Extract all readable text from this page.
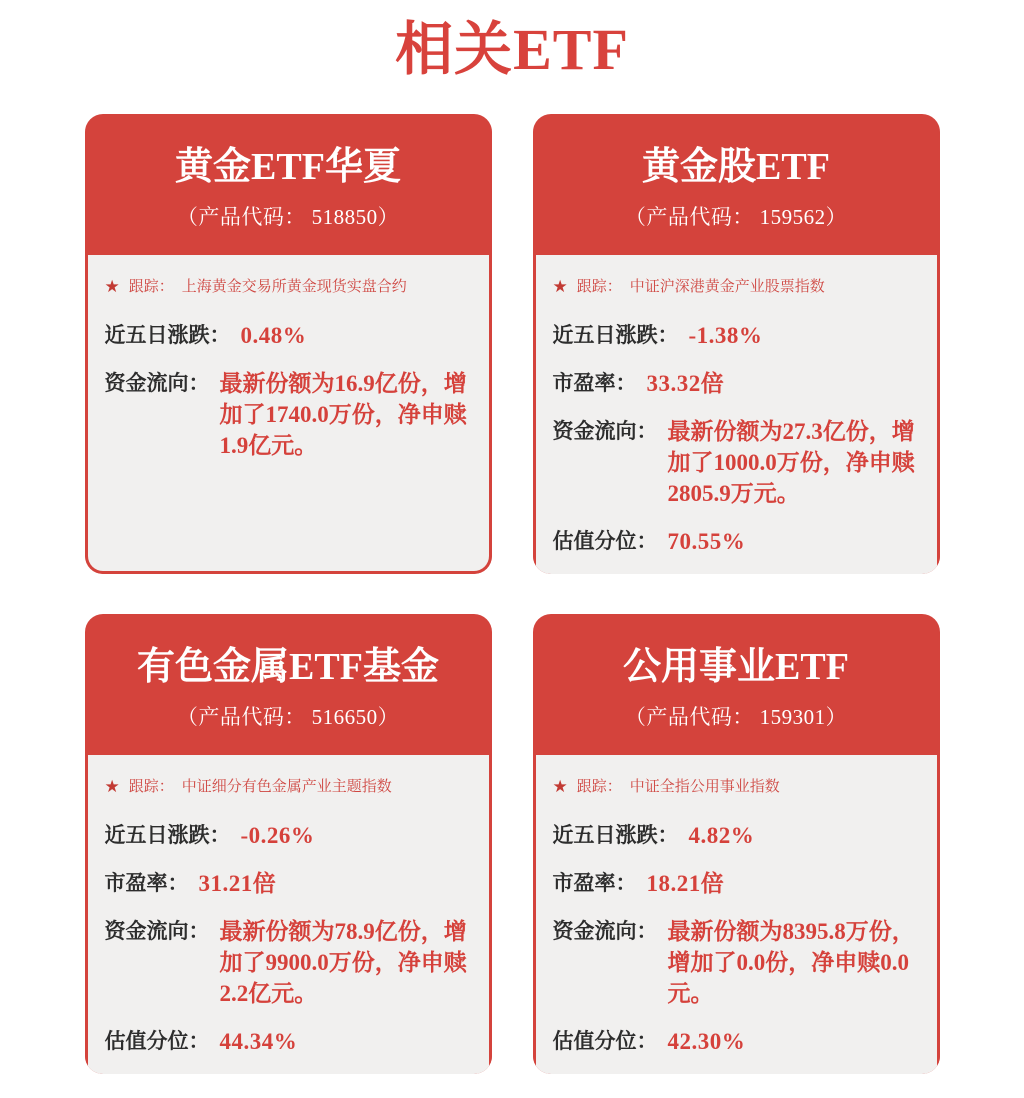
相关ETF
黄金ETF华夏
（产品代码： 518850）
★ 跟踪： 上海黄金交易所黄金现货实盘合约
近五日涨跌： 0.48%
资金流向： 最新份额为16.9亿份，增加了1740.0万份，净申赎1.9亿元。
黄金股ETF
（产品代码： 159562）
★ 跟踪： 中证沪深港黄金产业股票指数
近五日涨跌： -1.38%
市盈率： 33.32倍
资金流向： 最新份额为27.3亿份，增加了1000.0万份，净申赎2805.9万元。
估值分位： 70.55%
有色金属ETF基金
（产品代码： 516650）
★ 跟踪： 中证细分有色金属产业主题指数
近五日涨跌： -0.26%
市盈率： 31.21倍
资金流向： 最新份额为78.9亿份，增加了9900.0万份，净申赎2.2亿元。
估值分位： 44.34%
公用事业ETF
（产品代码： 159301）
★ 跟踪： 中证全指公用事业指数
近五日涨跌： 4.82%
市盈率： 18.21倍
资金流向： 最新份额为8395.8万份，增加了0.0份，净申赎0.0元。
估值分位： 42.30%
